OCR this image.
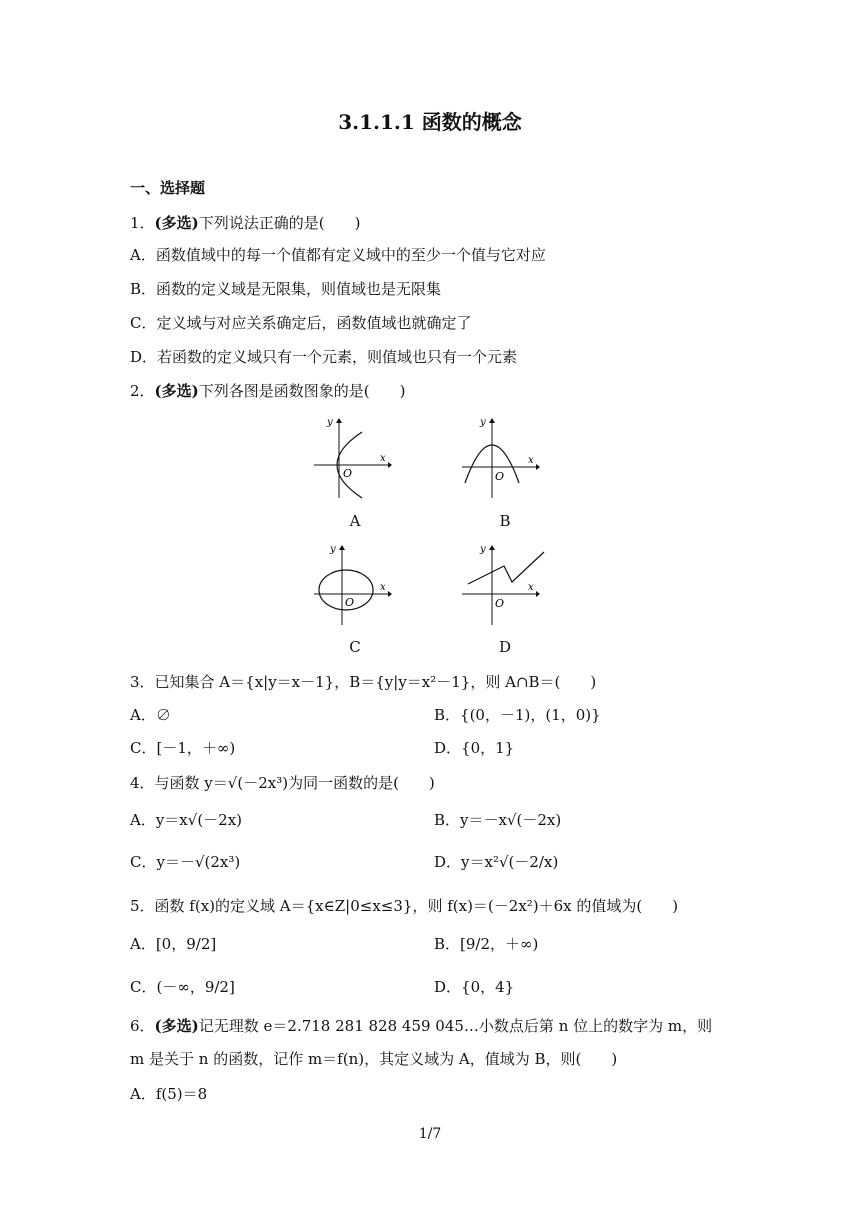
3.1.1.1 函数的概念
一、选择题
1．(多选)下列说法正确的是(　　)
A．函数值域中的每一个值都有定义域中的至少一个值与它对应
B．函数的定义域是无限集，则值域也是无限集
C．定义域与对应关系确定后，函数值域也就确定了
D．若函数的定义域只有一个元素，则值域也只有一个元素
2．(多选)下列各图是函数图象的是(　　)
y
x
O
A
y
x
O
B
y
x
O
C
y
x
O
D
3．已知集合 A＝{x|y＝x－1}，B＝{y|y＝x²－1}，则 A∩B＝(　　)
A．∅	B．{(0，－1)，(1，0)}
C．[－1，＋∞)	D．{0，1}
4．与函数 y＝√(－2x³)为同一函数的是(　　)
A．y＝x√(－2x)	B．y＝－x√(－2x)
C．y＝－√(2x³)	D．y＝x²√(－2/x)
5．函数 f(x)的定义域 A＝{x∈Z|0≤x≤3}，则 f(x)＝(－2x²)＋6x 的值域为(　　)
A．[0，9/2]	B．[9/2，＋∞)
C．(－∞，9/2]	D．{0，4}
6．(多选)记无理数 e＝2.718 281 828 459 045…小数点后第 n 位上的数字为 m，则
m 是关于 n 的函数，记作 m＝f(n)，其定义域为 A，值域为 B，则(　　)
A．f(5)＝8
1/7
